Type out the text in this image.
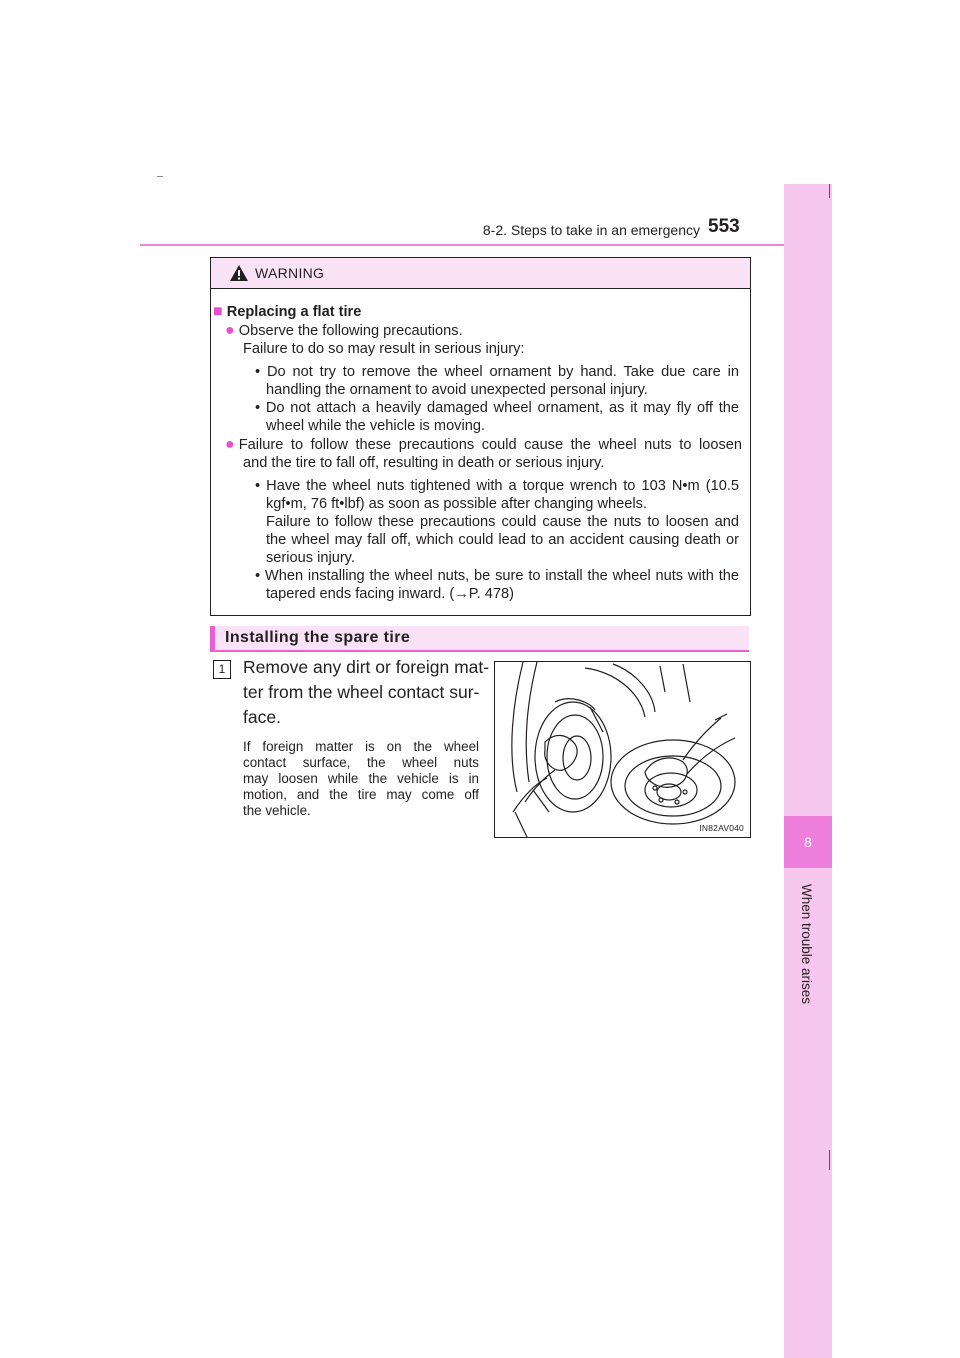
8-2. Steps to take in an emergency 553
8
When trouble arises
WARNING
■ Replacing a flat tire
● Observe the following precautions.
Failure to do so may result in serious injury:
• Do not try to remove the wheel ornament by hand. Take due care in
handling the ornament to avoid unexpected personal injury.
• Do not attach a heavily damaged wheel ornament, as it may fly off the
wheel while the vehicle is moving.
●
Failure to follow these precautions could cause the wheel nuts to loosen
and the tire to fall off, resulting in death or serious injury.
• Have the wheel nuts tightened with a torque wrench to 103 N•m (10.5
kgf•m, 76 ft•lbf) as soon as possible after changing wheels.
Failure to follow these precautions could cause the nuts to loosen and
the wheel may fall off, which could lead to an accident causing death or
serious injury.
• When installing the wheel nuts, be sure to install the wheel nuts with the
tapered ends facing inward. (→P. 478)
Installing the spare tire
1	Remove any dirt or foreign mat-
ter from the wheel contact sur-
face.
If foreign matter is on the wheel
contact surface, the wheel nuts
may loosen while the vehicle is in
motion, and the tire may come off
the vehicle.
IN82AV040
